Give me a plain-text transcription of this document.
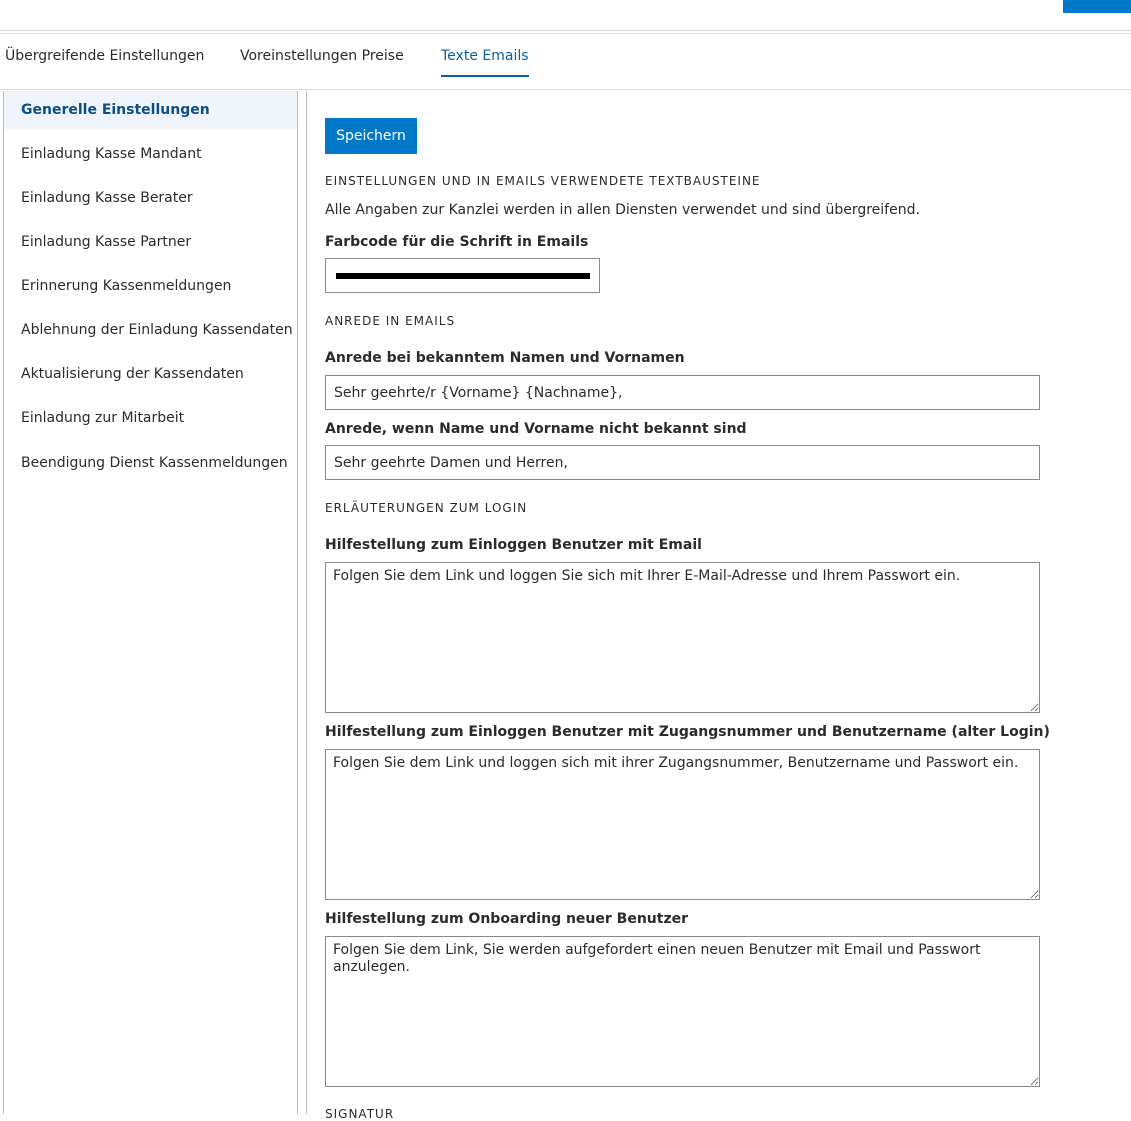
Übergreifende Einstellungen	Voreinstellungen Preise	Texte Emails
Generelle Einstellungen
Einladung Kasse Mandant
Einladung Kasse Berater
Einladung Kasse Partner
Erinnerung Kassenmeldungen
Ablehnung der Einladung Kassendaten
Aktualisierung der Kassendaten
Einladung zur Mitarbeit
Beendigung Dienst Kassenmeldungen
Speichern
EINSTELLUNGEN UND IN EMAILS VERWENDETE TEXTBAUSTEINE
Alle Angaben zur Kanzlei werden in allen Diensten verwendet und sind übergreifend.
Farbcode für die Schrift in Emails
ANREDE IN EMAILS
Anrede bei bekanntem Namen und Vornamen
Sehr geehrte/r {Vorname} {Nachname},
Anrede, wenn Name und Vorname nicht bekannt sind
Sehr geehrte Damen und Herren,
ERLÄUTERUNGEN ZUM LOGIN
Hilfestellung zum Einloggen Benutzer mit Email
Folgen Sie dem Link und loggen Sie sich mit Ihrer E-Mail-Adresse und Ihrem Passwort ein.
Hilfestellung zum Einloggen Benutzer mit Zugangsnummer und Benutzername (alter Login)
Folgen Sie dem Link und loggen sich mit ihrer Zugangsnummer, Benutzername und Passwort ein.
Hilfestellung zum Onboarding neuer Benutzer
Folgen Sie dem Link, Sie werden aufgefordert einen neuen Benutzer mit Email und Passwort anzulegen.
SIGNATUR
